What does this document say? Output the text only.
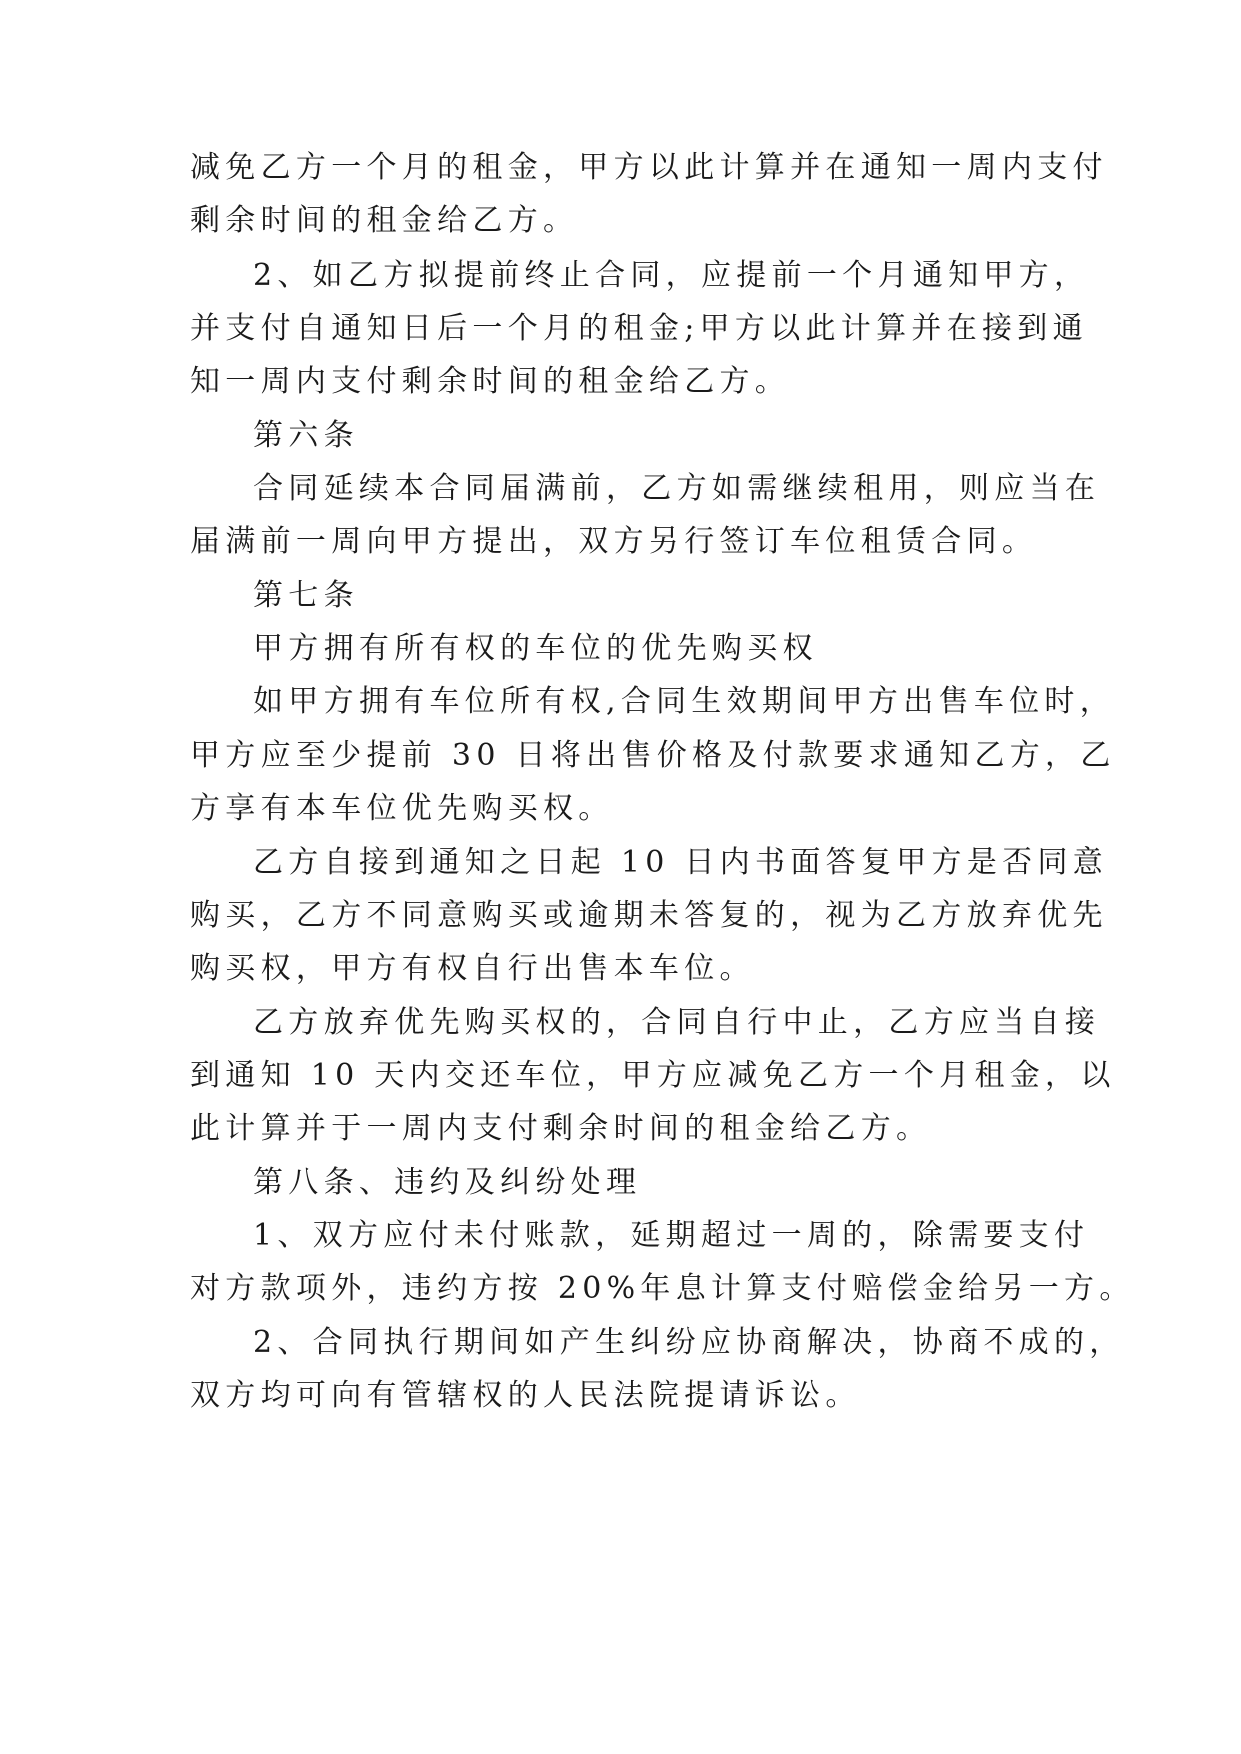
减免乙方一个月的租金，甲方以此计算并在通知一周内支付
剩余时间的租金给乙方。
2、如乙方拟提前终止合同，应提前一个月通知甲方，
并支付自通知日后一个月的租金;甲方以此计算并在接到通
知一周内支付剩余时间的租金给乙方。
第六条
合同延续本合同届满前，乙方如需继续租用，则应当在
届满前一周向甲方提出，双方另行签订车位租赁合同。
第七条
甲方拥有所有权的车位的优先购买权
如甲方拥有车位所有权,合同生效期间甲方出售车位时，
甲方应至少提前 30 日将出售价格及付款要求通知乙方，乙
方享有本车位优先购买权。
乙方自接到通知之日起 10 日内书面答复甲方是否同意
购买，乙方不同意购买或逾期未答复的，视为乙方放弃优先
购买权，甲方有权自行出售本车位。
乙方放弃优先购买权的，合同自行中止，乙方应当自接
到通知 10 天内交还车位，甲方应减免乙方一个月租金，以
此计算并于一周内支付剩余时间的租金给乙方。
第八条、违约及纠纷处理
1、双方应付未付账款，延期超过一周的，除需要支付
对方款项外，违约方按 20%年息计算支付赔偿金给另一方。
2、合同执行期间如产生纠纷应协商解决，协商不成的，
双方均可向有管辖权的人民法院提请诉讼。
